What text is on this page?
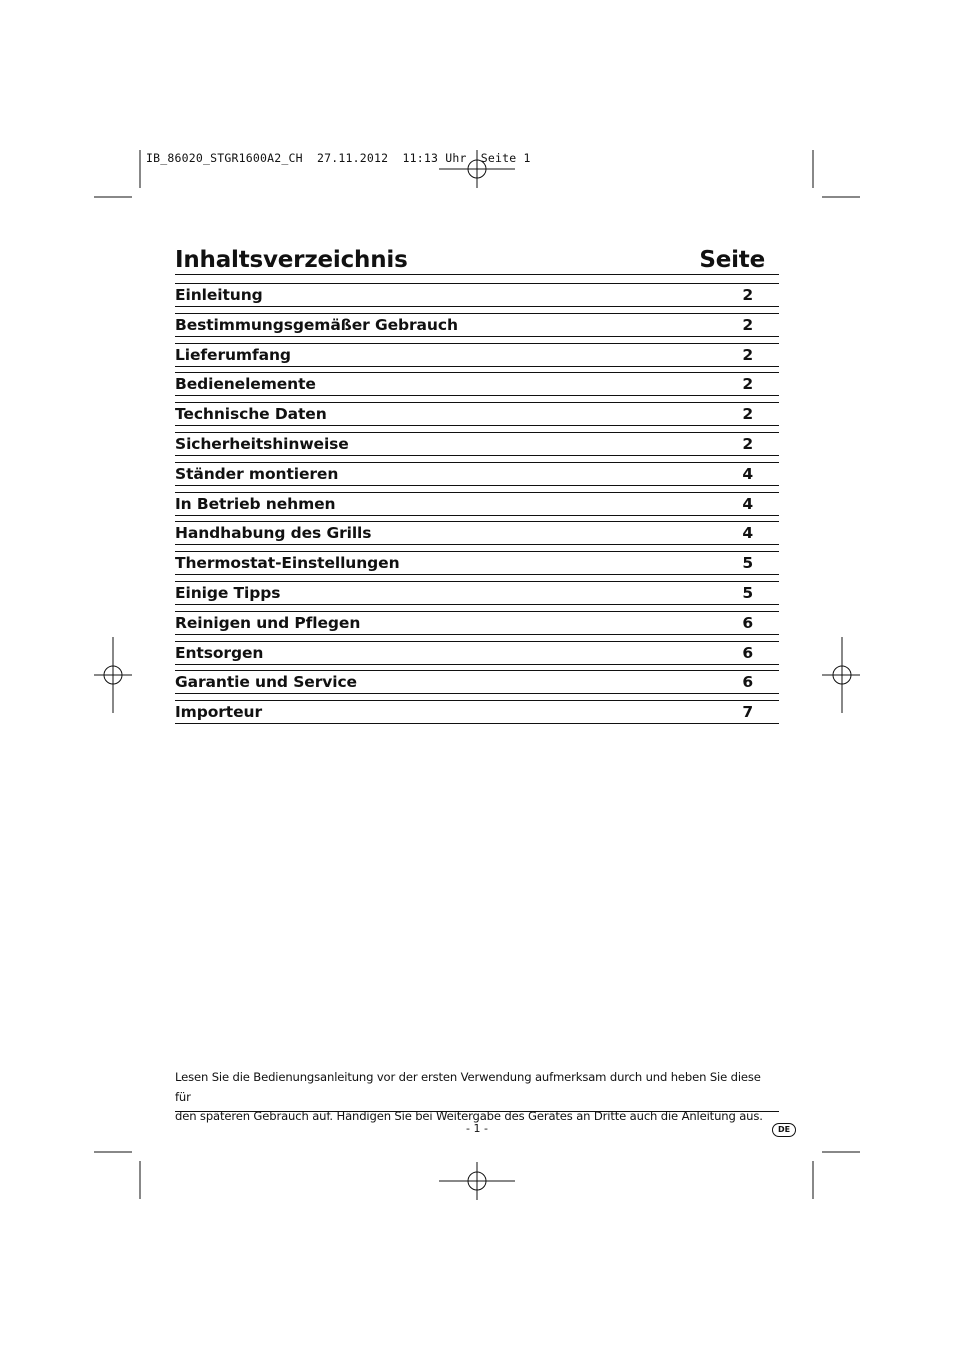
IB_86020_STGR1600A2_CH  27.11.2012  11:13 Uhr  Seite 1
Inhaltsverzeichnis	Seite
Einleitung	2
Bestimmungsgemäßer Gebrauch	2
Lieferumfang	2
Bedienelemente	2
Technische Daten	2
Sicherheitshinweise	2
Ständer montieren	4
In Betrieb nehmen	4
Handhabung des Grills	4
Thermostat-Einstellungen	5
Einige Tipps	5
Reinigen und Pflegen	6
Entsorgen	6
Garantie und Service	6
Importeur	7
Lesen Sie die Bedienungsanleitung vor der ersten Verwendung aufmerksam durch und heben Sie diese für
den späteren Gebrauch auf. Händigen Sie bei Weitergabe des Gerätes an Dritte auch die Anleitung aus.
- 1 -	DE
